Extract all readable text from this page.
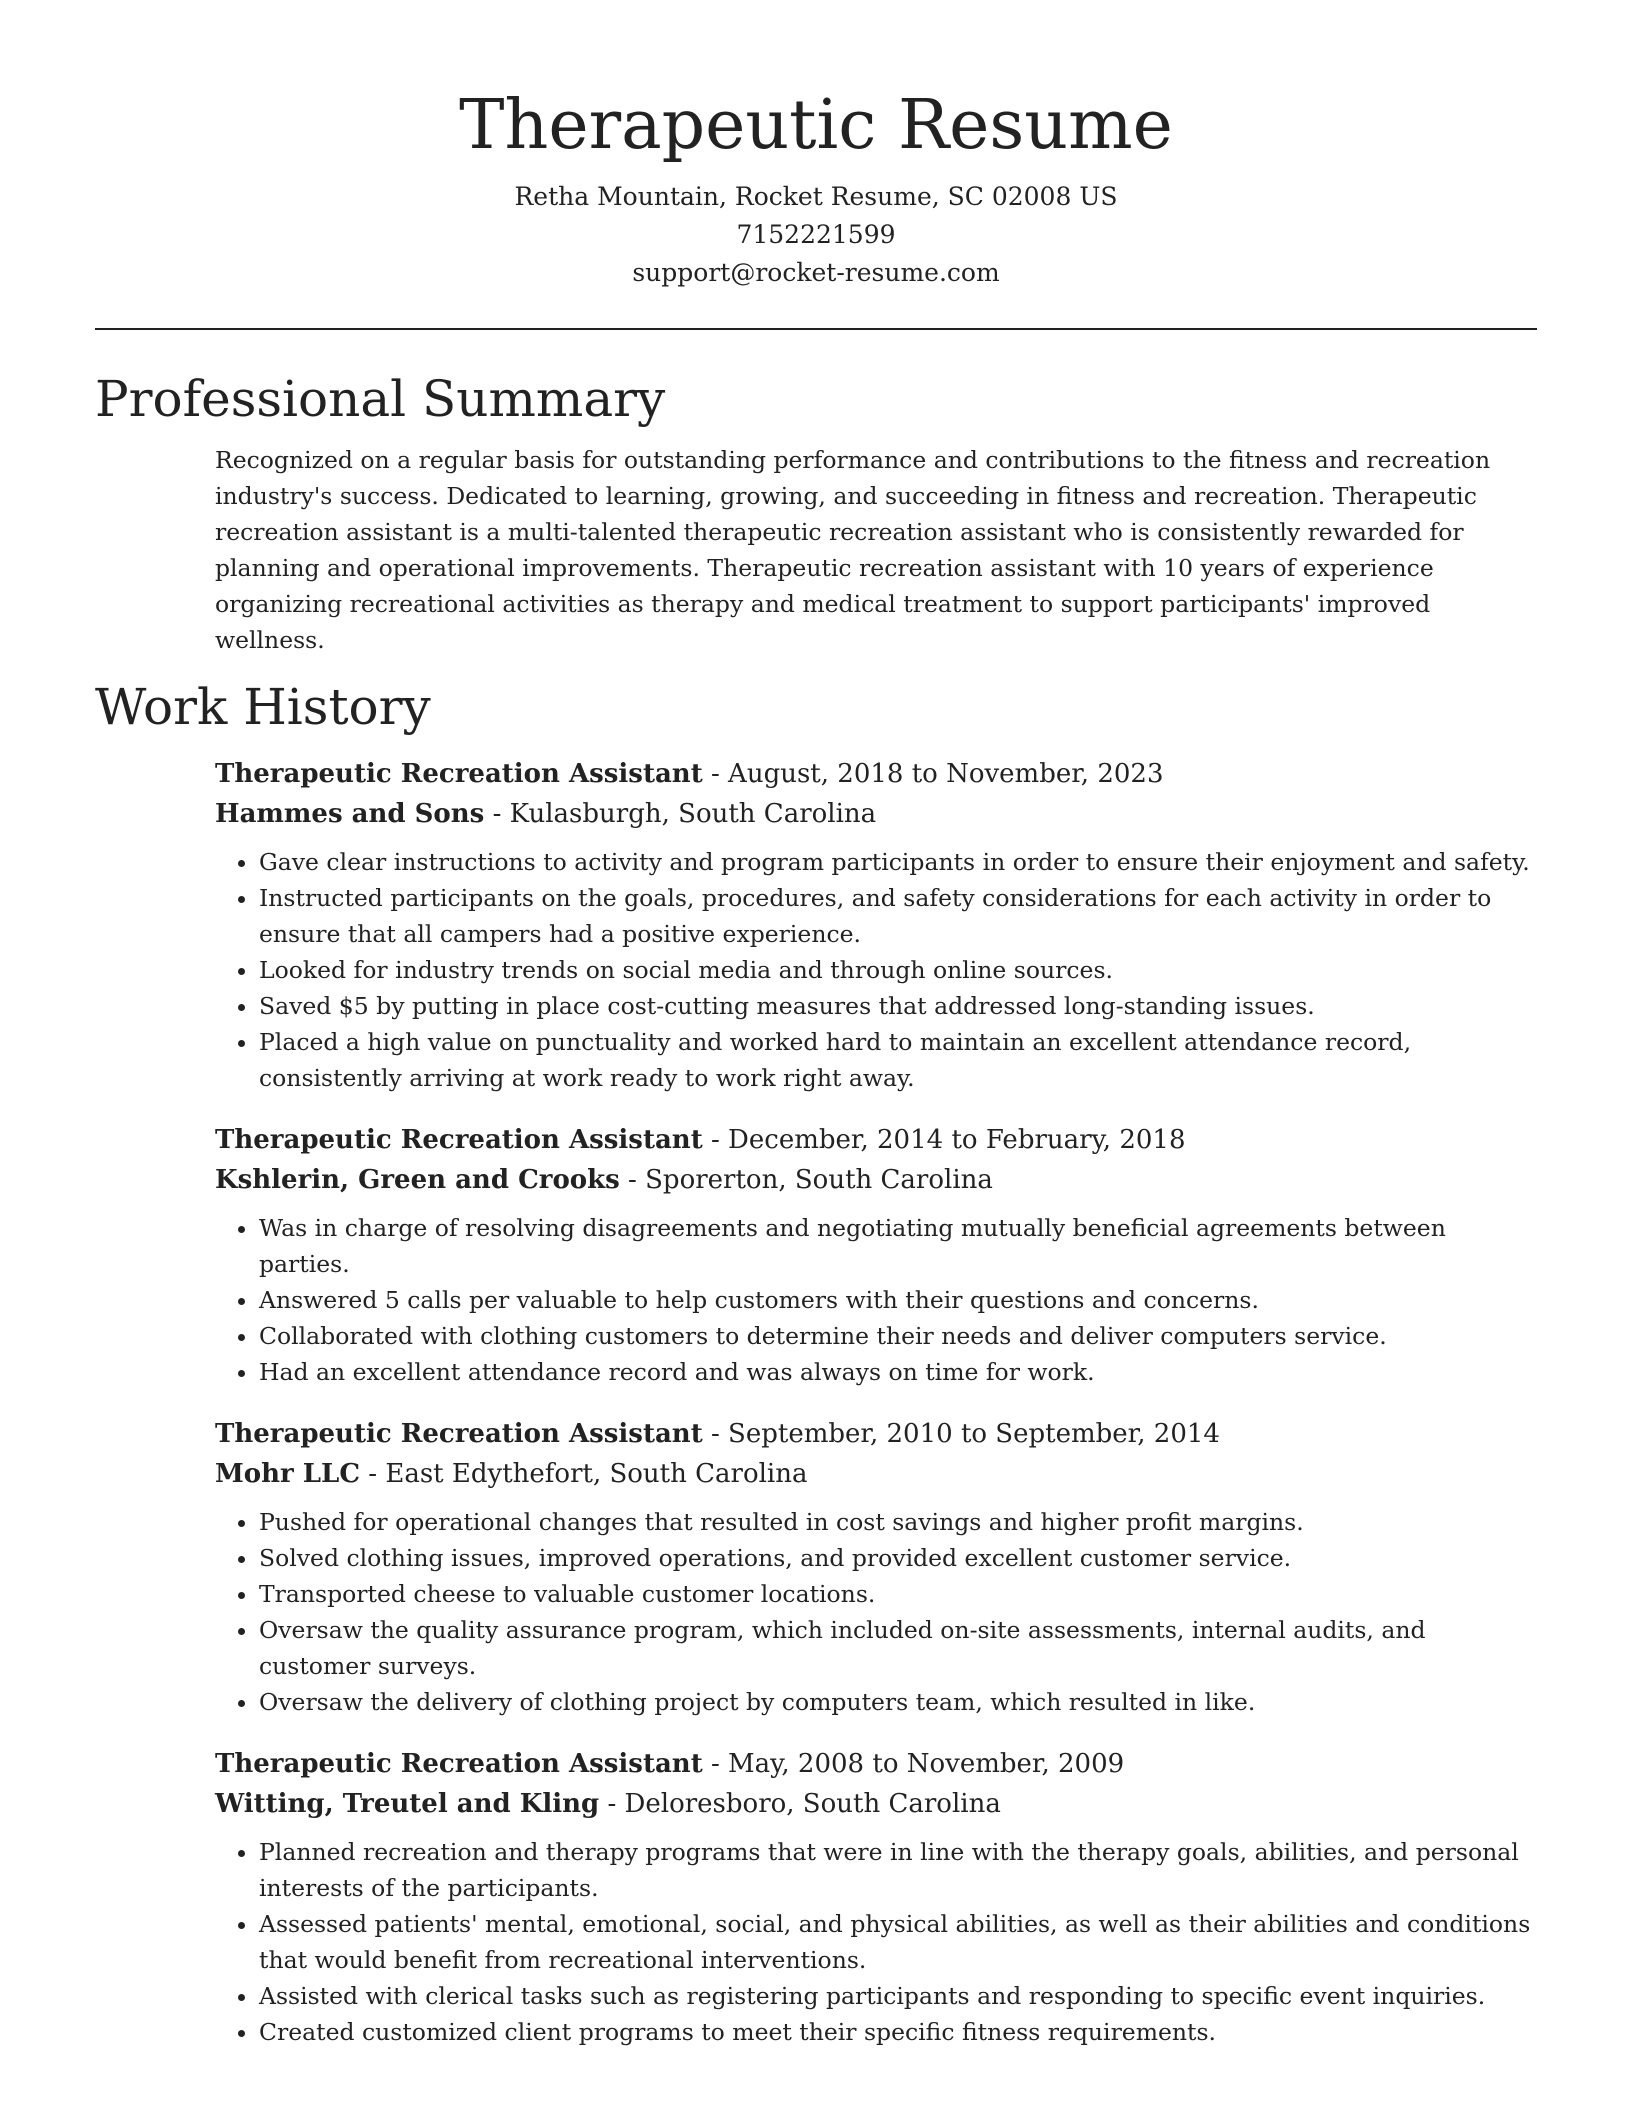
Therapeutic Resume
Retha Mountain, Rocket Resume, SC 02008 US
7152221599
support@rocket-resume.com
Professional Summary
Recognized on a regular basis for outstanding performance and contributions to the fitness and recreation industry's success. Dedicated to learning, growing, and succeeding in fitness and recreation. Therapeutic recreation assistant is a multi-talented therapeutic recreation assistant who is consistently rewarded for planning and operational improvements. Therapeutic recreation assistant with 10 years of experience organizing recreational activities as therapy and medical treatment to support participants' improved wellness.
Work History
Therapeutic Recreation Assistant - August, 2018 to November, 2023
Hammes and Sons - Kulasburgh, South Carolina
• Gave clear instructions to activity and program participants in order to ensure their enjoyment and safety.
• Instructed participants on the goals, procedures, and safety considerations for each activity in order to ensure that all campers had a positive experience.
• Looked for industry trends on social media and through online sources.
• Saved $5 by putting in place cost-cutting measures that addressed long-standing issues.
• Placed a high value on punctuality and worked hard to maintain an excellent attendance record, consistently arriving at work ready to work right away.
Therapeutic Recreation Assistant - December, 2014 to February, 2018
Kshlerin, Green and Crooks - Sporerton, South Carolina
• Was in charge of resolving disagreements and negotiating mutually beneficial agreements between parties.
• Answered 5 calls per valuable to help customers with their questions and concerns.
• Collaborated with clothing customers to determine their needs and deliver computers service.
• Had an excellent attendance record and was always on time for work.
Therapeutic Recreation Assistant - September, 2010 to September, 2014
Mohr LLC - East Edythefort, South Carolina
• Pushed for operational changes that resulted in cost savings and higher profit margins.
• Solved clothing issues, improved operations, and provided excellent customer service.
• Transported cheese to valuable customer locations.
• Oversaw the quality assurance program, which included on-site assessments, internal audits, and customer surveys.
• Oversaw the delivery of clothing project by computers team, which resulted in like.
Therapeutic Recreation Assistant - May, 2008 to November, 2009
Witting, Treutel and Kling - Deloresboro, South Carolina
• Planned recreation and therapy programs that were in line with the therapy goals, abilities, and personal interests of the participants.
• Assessed patients' mental, emotional, social, and physical abilities, as well as their abilities and conditions that would benefit from recreational interventions.
• Assisted with clerical tasks such as registering participants and responding to specific event inquiries.
• Created customized client programs to meet their specific fitness requirements.
